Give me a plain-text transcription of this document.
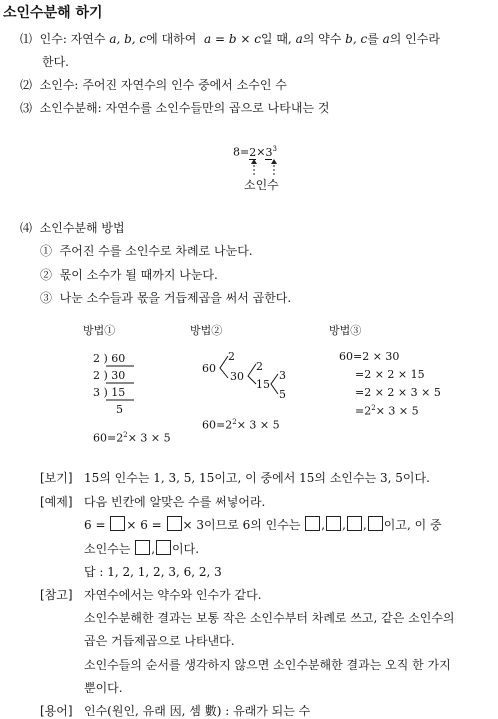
소인수분해 하기
⑴ 인수: 자연수 a, b, c에 대하여 a = b × c일 때, a의 약수 b, c를 a의 인수라
한다.
⑵ 소인수: 주어진 자연수의 인수 중에서 소수인 수
⑶ 소인수분해: 자연수를 소인수들만의 곱으로 나타내는 것
$8=2\times 3^3$
소인수
⑷ 소인수분해 방법
① 주어진 수를 소인수로 차례로 나눈다.
② 몫이 소수가 될 때까지 나눈다.
③ 나눈 소수들과 몫을 거듭제곱을 써서 곱한다.
방법①	방법②	방법③
2 ) 60
2 ) 30
3 ) 15
5
$60=2^2\times 3 \times 5$
60
2
30
2
15
3
5
$60=2^2\times 3 \times 5$
60=2 × 30
=2 × 2 × 15
=2 × 2 × 3 × 5
$=2^2\times 3 \times 5$
[보기] 15의 인수는 1, 3, 5, 15이고, 이 중에서 15의 소인수는 3, 5이다.
[예제] 다음 빈칸에 알맞은 수를 써넣어라.
6 = × 6 = × 3이므로 6의 인수는 , , , 이고, 이 중
소인수는 , 이다.
답 : 1, 2, 1, 2, 3, 6, 2, 3
[참고] 자연수에서는 약수와 인수가 같다.
소인수분해한 결과는 보통 작은 소인수부터 차례로 쓰고, 같은 소인수의
곱은 거듭제곱으로 나타낸다.
소인수들의 순서를 생각하지 않으면 소인수분해한 결과는 오직 한 가지
뿐이다.
[용어] 인수(원인, 유래 因, 셈 數) : 유래가 되는 수
